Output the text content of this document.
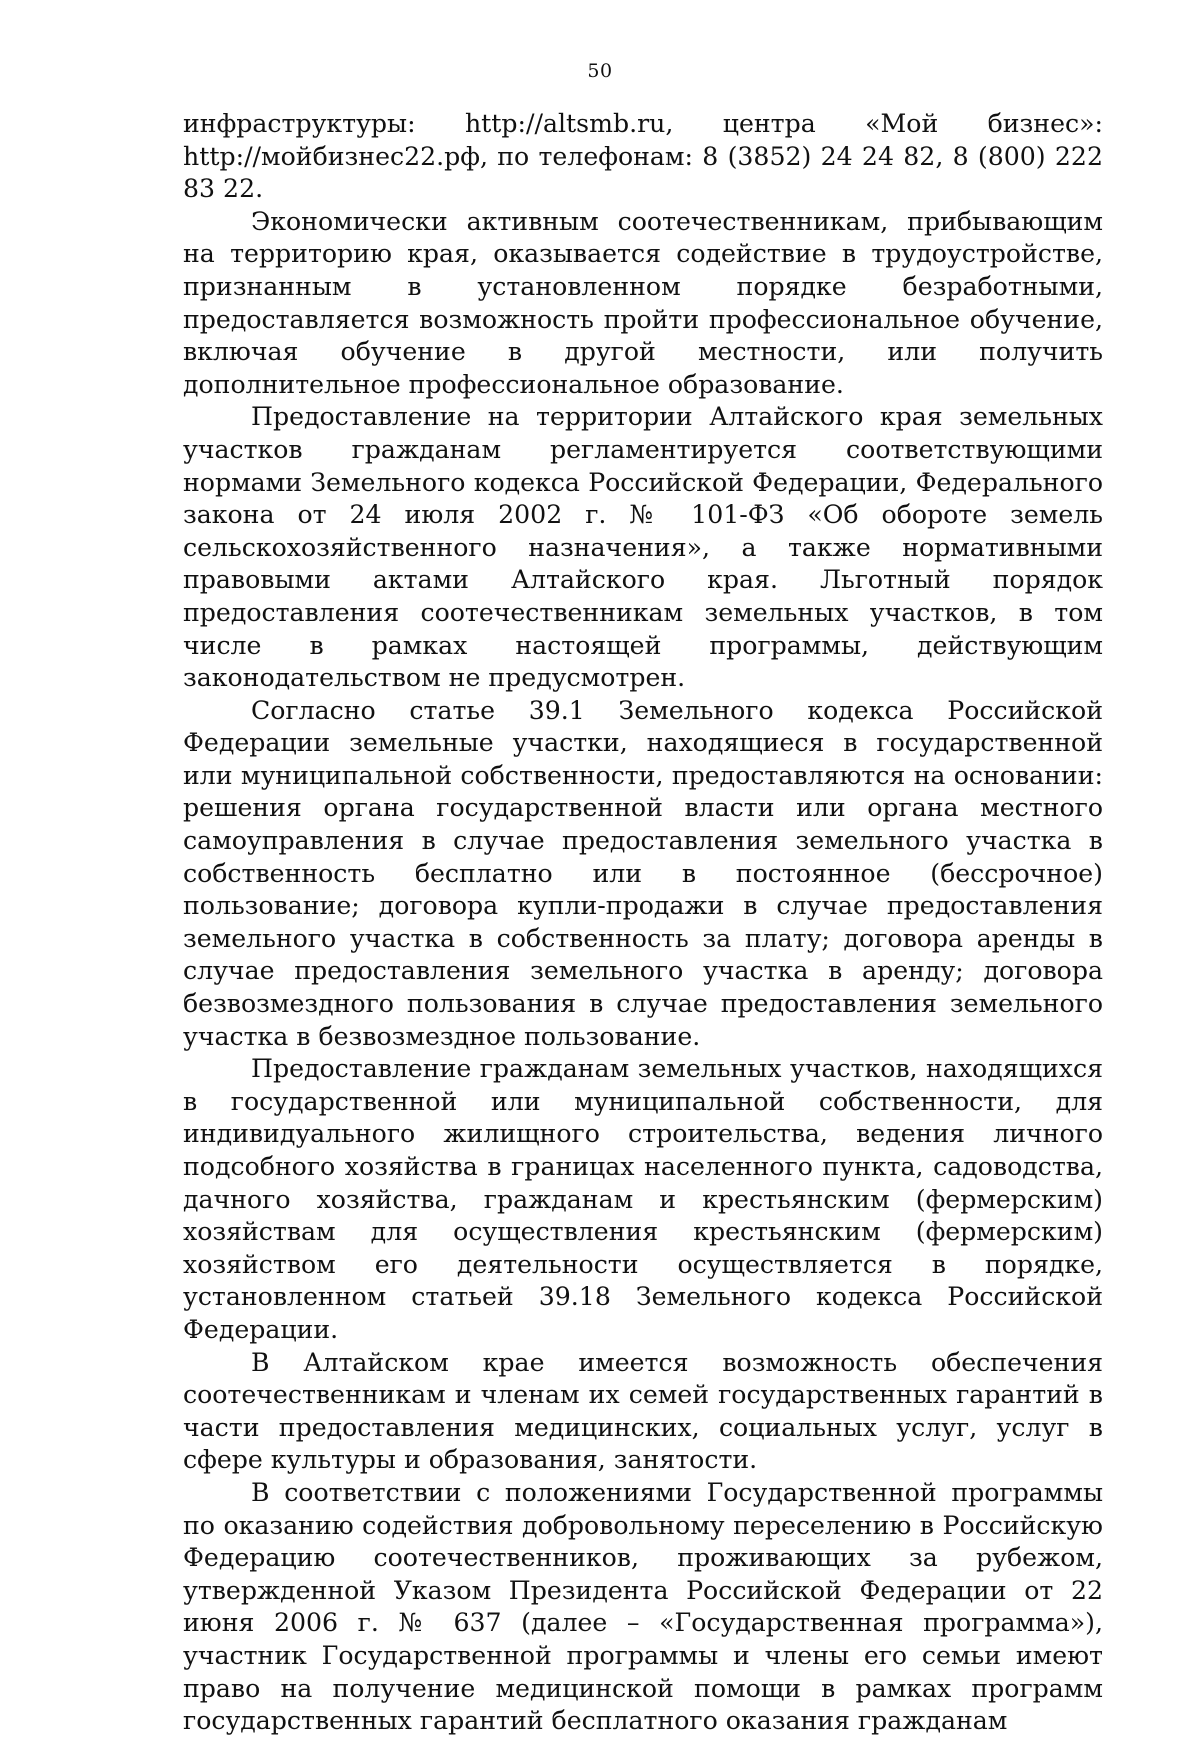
50
инфраструктуры: http://altsmb.ru, центра «Мой бизнес»:

http://мойбизнес22.рф, по телефонам: 8 (3852) 24 24 82, 8 (800) 222 83 22.

Экономически активным соотечественникам, прибывающим на территорию края, оказывается содействие в трудоустройстве, признанным в установленном порядке безработными, предоставляется возможность пройти профессиональное обучение, включая обучение в другой местности, или получить дополнительное профессиональное образование.

Предоставление на территории Алтайского края земельных участков гражданам регламентируется соответствующими нормами Земельного кодекса Российской Федерации, Федерального закона от 24 июля 2002 г. № 101-ФЗ «Об обороте земель сельскохозяйственного назначения», а также нормативными правовыми актами Алтайского края. Льготный порядок предоставления соотечественникам земельных участков, в том числе в рамках настоящей программы, действующим законодательством не предусмотрен.

Согласно статье 39.1 Земельного кодекса Российской Федерации земельные участки, находящиеся в государственной или муниципальной собственности, предоставляются на основании: решения органа государственной власти или органа местного самоуправления в случае предоставления земельного участка в собственность бесплатно или в постоянное (бессрочное) пользование; договора купли-продажи в случае предоставления земельного участка в собственность за плату; договора аренды в случае предоставления земельного участка в аренду; договора безвозмездного пользования в случае предоставления земельного участка в безвозмездное пользование.

Предоставление гражданам земельных участков, находящихся в государственной или муниципальной собственности, для индивидуального жилищного строительства, ведения личного подсобного хозяйства в границах населенного пункта, садоводства, дачного хозяйства, гражданам и крестьянским (фермерским) хозяйствам для осуществления крестьянским (фермерским) хозяйством его деятельности осуществляется в порядке, установленном статьей 39.18 Земельного кодекса Российской Федерации.

В Алтайском крае имеется возможность обеспечения соотечественникам и членам их семей государственных гарантий в части предоставления медицинских, социальных услуг, услуг в сфере культуры и образования, занятости.

В соответствии с положениями Государственной программы по оказанию содействия добровольному переселению в Российскую Федерацию соотечественников, проживающих за рубежом, утвержденной Указом Президента Российской Федерации от 22 июня 2006 г. № 637 (далее – «Государственная программа»), участник Государственной программы и члены его семьи имеют право на получение медицинской помощи в рамках программ государственных гарантий бесплатного оказания гражданам
